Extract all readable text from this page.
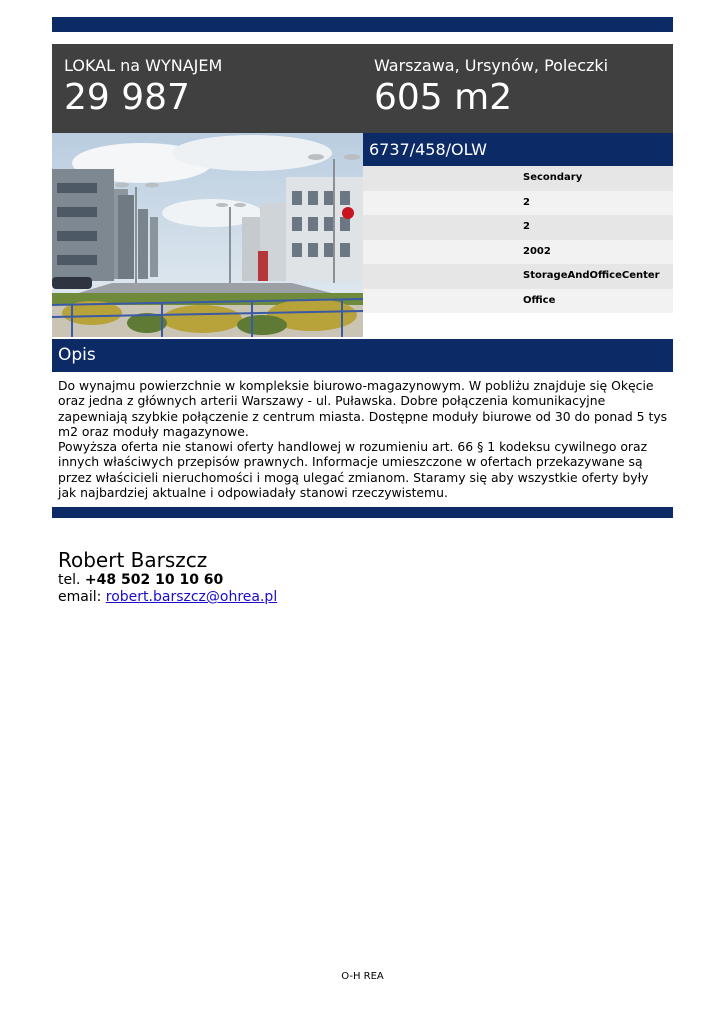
LOKAL na WYNAJEM
29 987
Warszawa, Ursynów, Poleczki
605 m2
6737/458/OLW
Secondary
2
2
2002
StorageAndOfficeCenter
Office
Opis

Do wynajmu powierzchnie w kompleksie biurowo-magazynowym. W pobliżu znajduje się Okęcie oraz jedna z głównych arterii Warszawy - ul. Puławska. Dobre połączenia komunikacyjne zapewniają szybkie połączenie z centrum miasta. Dostępne moduły biurowe od 30 do ponad 5 tys m2 oraz moduły magazynowe.

Powyższa oferta nie stanowi oferty handlowej w rozumieniu art. 66 § 1 kodeksu cywilnego oraz innych właściwych przepisów prawnych. Informacje umieszczone w ofertach przekazywane są przez właścicieli nieruchomości i mogą ulegać zmianom. Staramy się aby wszystkie oferty były jak najbardziej aktualne i odpowiadały stanowi rzeczywistemu.

Robert Barszcz
tel. +48 502 10 10 60
email: robert.barszcz@ohrea.pl
O-H REA
